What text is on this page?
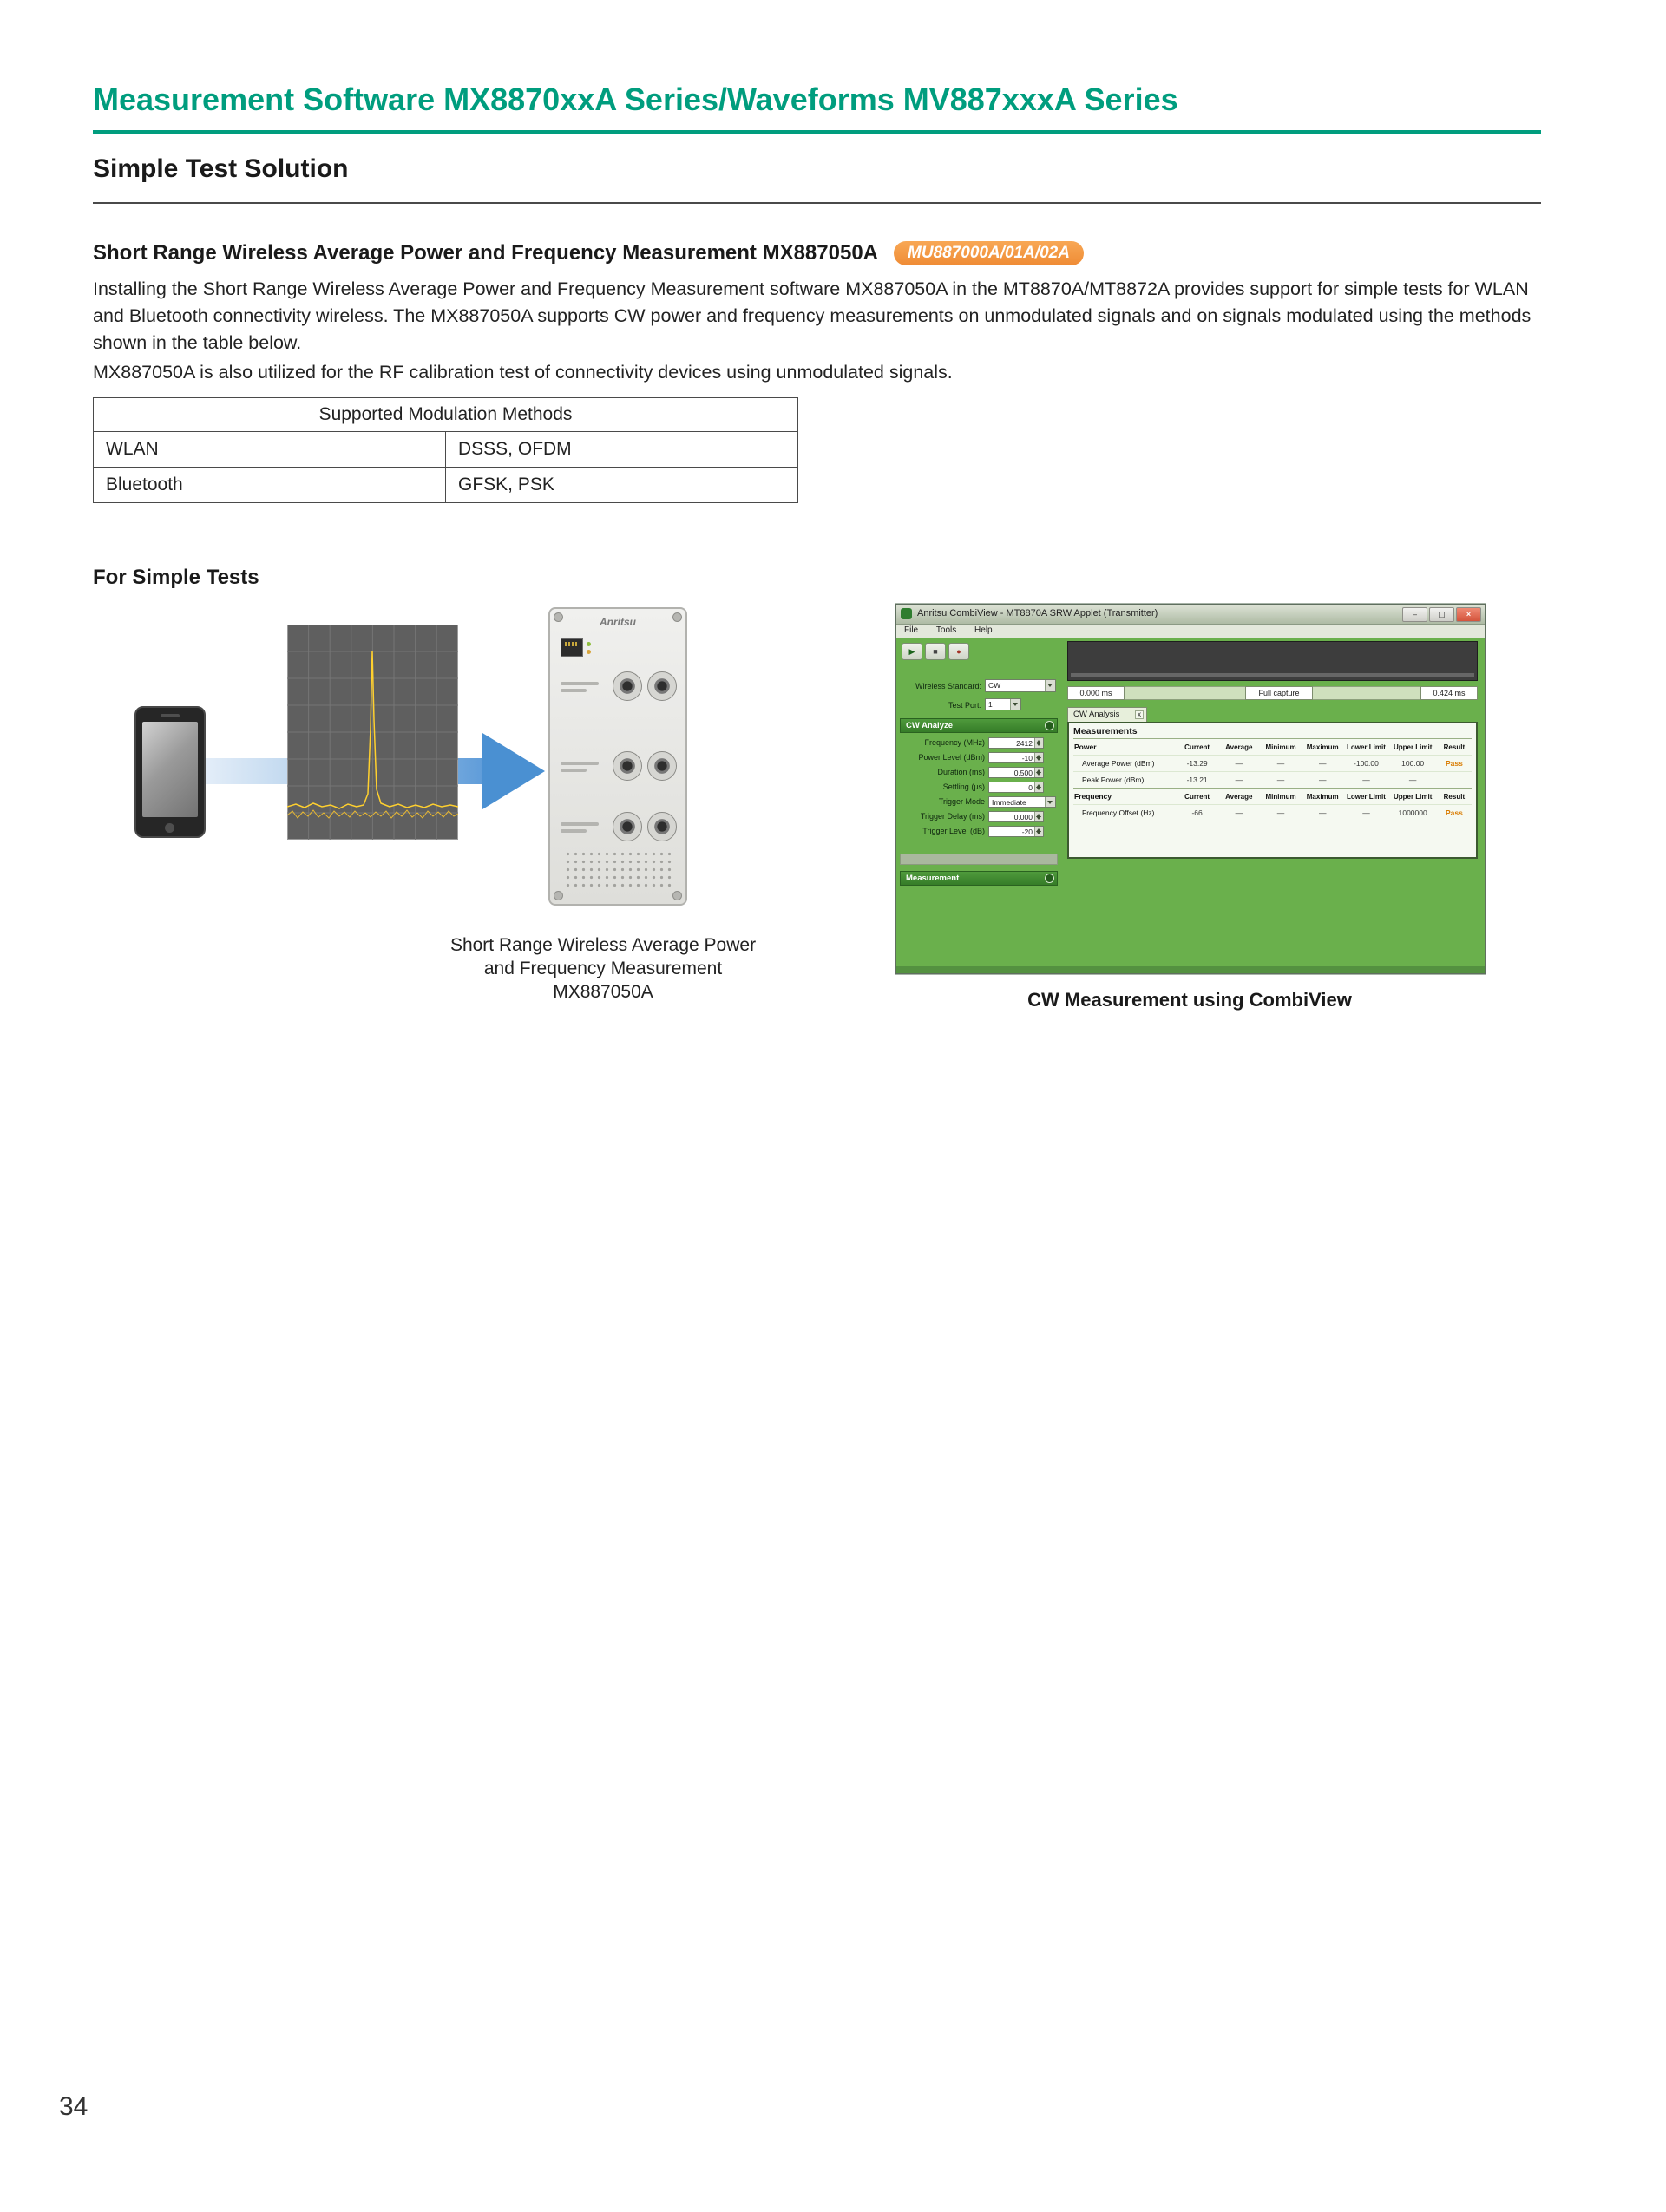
Measurement Software MX8870xxA Series/Waveforms MV887xxxA Series
Simple Test Solution
Short Range Wireless Average Power and Frequency Measurement MX887050A	MU887000A/01A/02A

Installing the Short Range Wireless Average Power and Frequency Measurement software MX887050A in the MT8870A/MT8872A provides support for simple tests for WLAN and Bluetooth connectivity wireless. The MX887050A supports CW power and frequency measurements on unmodulated signals and on signals modulated using the methods shown in the table below.

MX887050A is also utilized for the RF calibration test of connectivity devices using unmodulated signals.

Supported Modulation Methods	
WLAN	DSSS, OFDM
Bluetooth	GFSK, PSK
For Simple Tests
Anritsu
Anritsu CombiView - MT8870A SRW Applet (Transmitter)	–	▢	×
File Tools Help
▶	■	●
0.000 ms	Full capture	0.424 ms
CW Analysis	x
Measurements
Power	Current	Average	Minimum	Maximum	Lower Limit	Upper Limit	Result
Average Power (dBm)	-13.29	—	—	—	-100.00	100.00	Pass
Peak Power (dBm)	-13.21	—	—	—	—	—	
Frequency	Current	Average	Minimum	Maximum	Lower Limit	Upper Limit	Result
Frequency Offset (Hz)	-66	—	—	—	—	1000000	Pass
Wireless Standard: CW
Test Port: 1
CW Analyze
Frequency (MHz)	2412
Power Level (dBm)	-10
Duration (ms)	0.500
Settling (µs)	0
Trigger Mode Immediate
Trigger Delay (ms)	0.000
Trigger Level (dB)	-20
Measurement
Short Range Wireless Average Power
and Frequency Measurement
MX887050A	CW Measurement using CombiView

34
